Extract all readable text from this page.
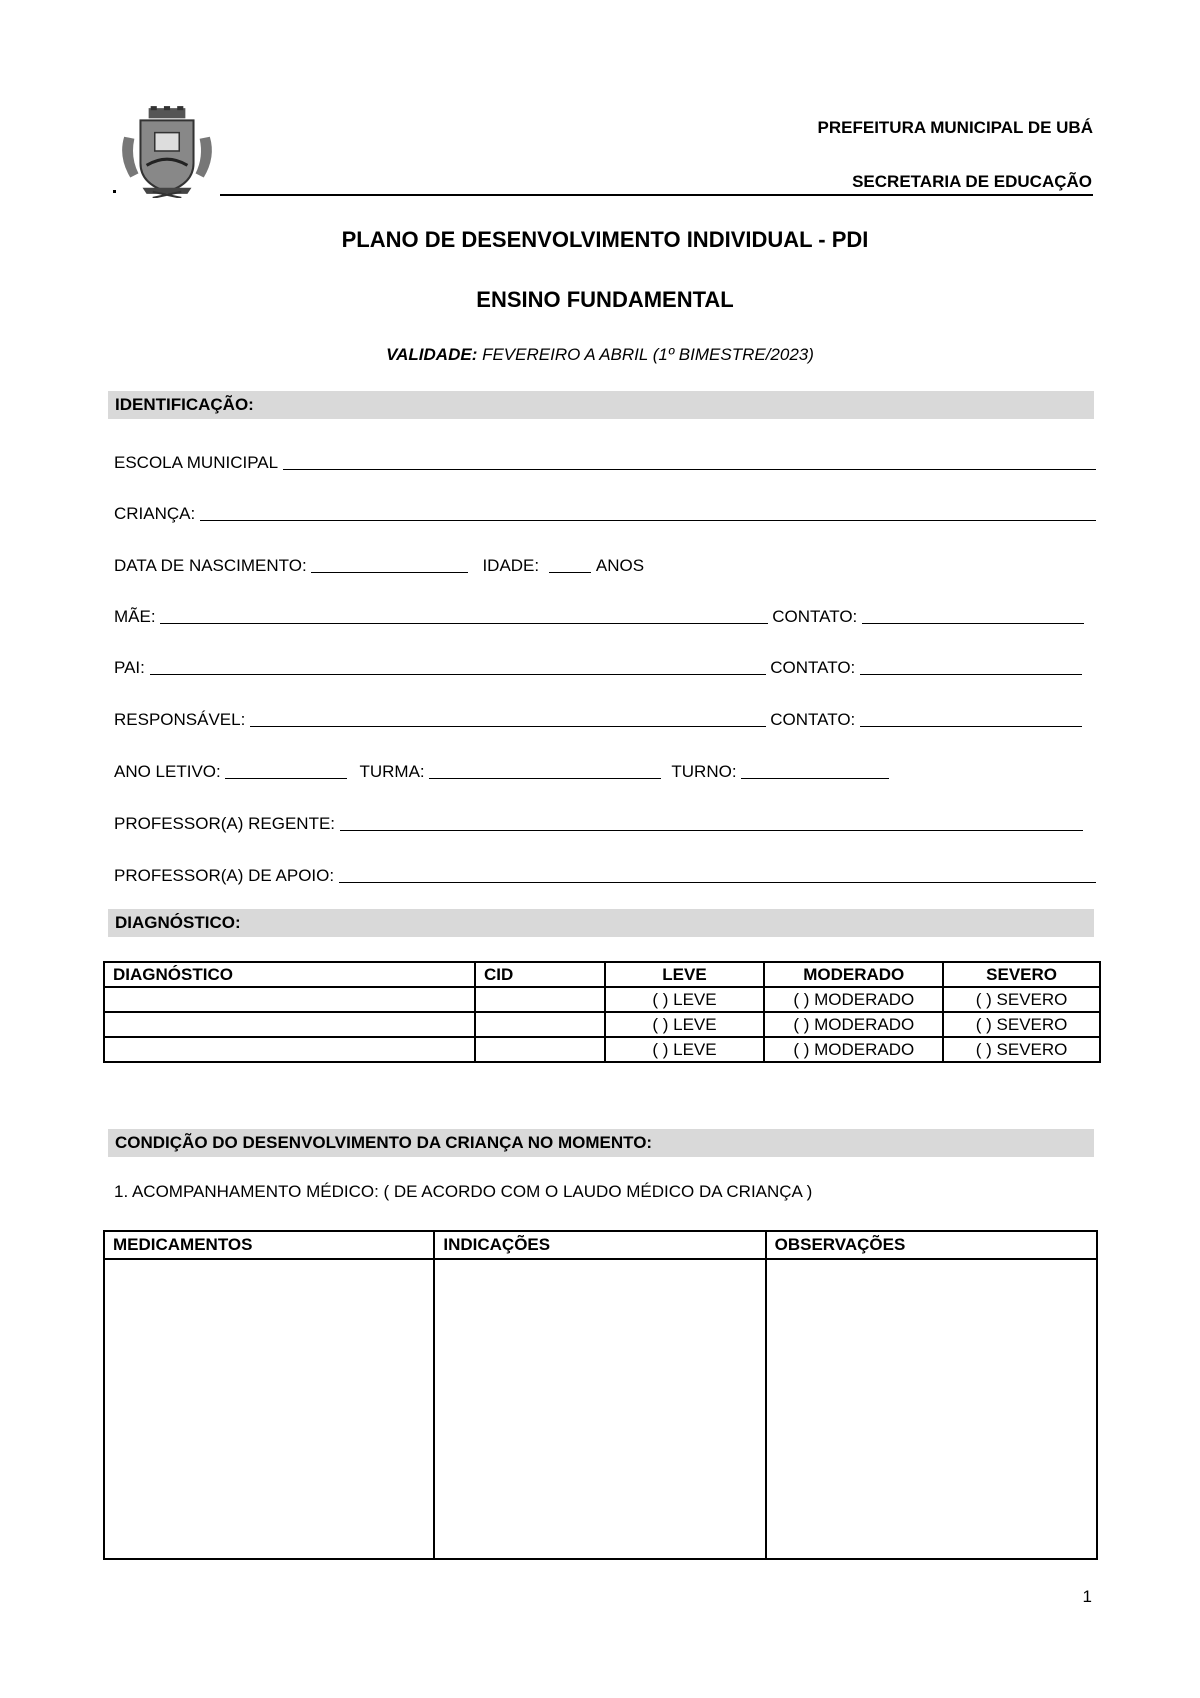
PREFEITURA MUNICIPAL DE UBÁ
SECRETARIA DE EDUCAÇÃO
PLANO DE DESENVOLVIMENTO INDIVIDUAL - PDI
ENSINO FUNDAMENTAL
VALIDADE: FEVEREIRO A ABRIL (1º BIMESTRE/2023)
IDENTIFICAÇÃO:
ESCOLA MUNICIPAL

CRIANÇA:

DATA DE NASCIMENTO:
	IDADE:
	ANOS
MÃE:

	CONTATO:

PAI:

	CONTATO:

RESPONSÁVEL:

	CONTATO:

ANO LETIVO:
	TURMA:
	TURNO:

PROFESSOR(A) REGENTE:

PROFESSOR(A) DE APOIO:

DIAGNÓSTICO:
DIAGNÓSTICO	CID	LEVE	MODERADO	SEVERO
		( ) LEVE	( ) MODERADO	( ) SEVERO
		( ) LEVE	( ) MODERADO	( ) SEVERO
		( ) LEVE	( ) MODERADO	( ) SEVERO
CONDIÇÃO DO DESENVOLVIMENTO DA CRIANÇA NO MOMENTO:
1. ACOMPANHAMENTO MÉDICO: ( DE ACORDO COM O LAUDO MÉDICO DA CRIANÇA )
MEDICAMENTOS	INDICAÇÕES	OBSERVAÇÕES

1
